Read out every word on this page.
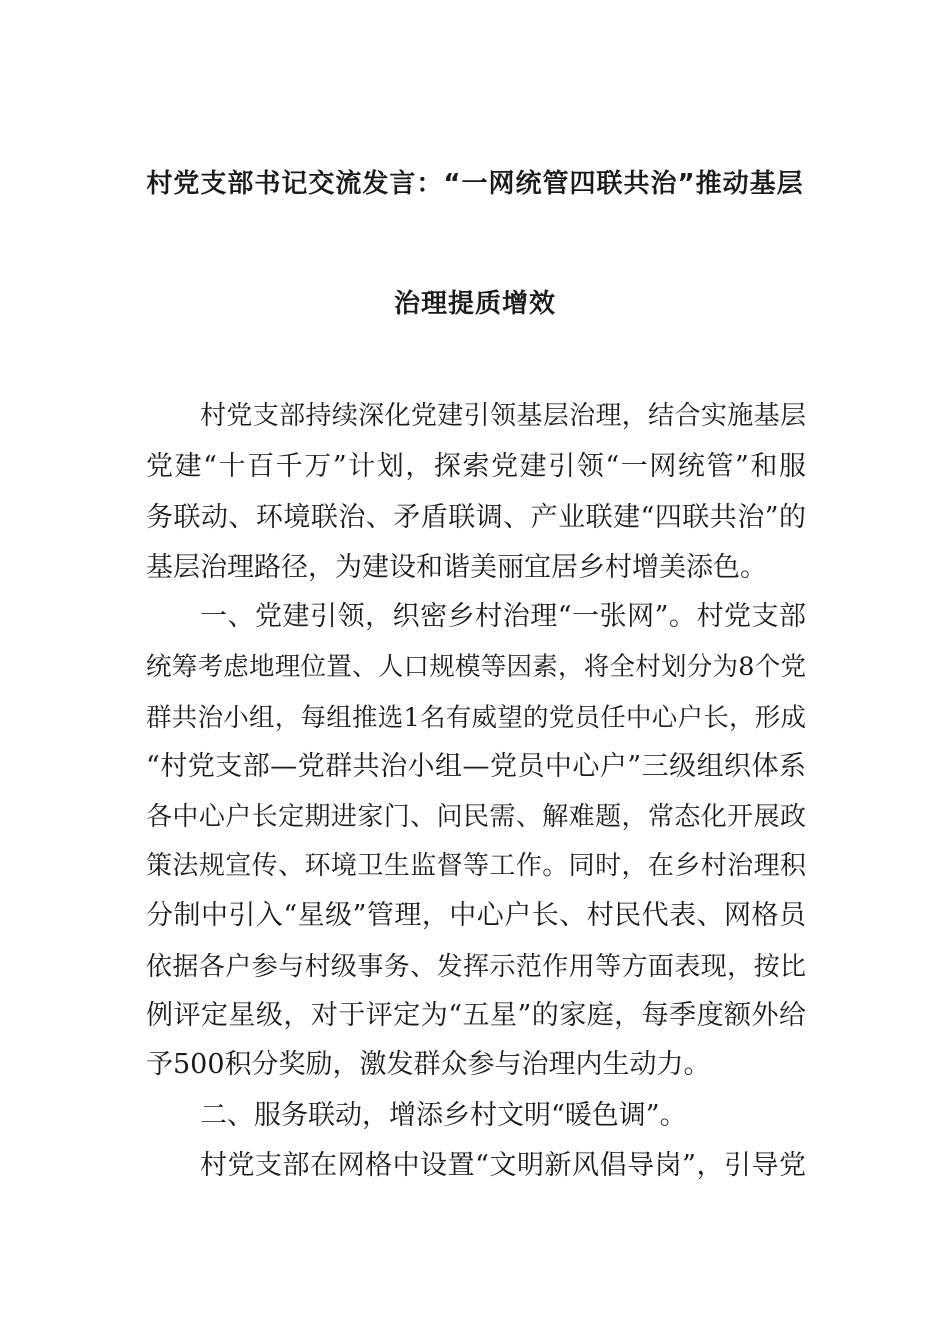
村党支部书记交流发言：“一网统管四联共治”推动基层
治理提质增效
村党支部持续深化党建引领基层治理，结合实施基层
党建“十百千万”计划，探索党建引领“一网统管”和服
务联动、环境联治、矛盾联调、产业联建“四联共治”的
基层治理路径，为建设和谐美丽宜居乡村增美添色。
一、党建引领，织密乡村治理“一张网”。村党支部
统筹考虑地理位置、人口规模等因素，将全村划分为8个党
群共治小组，每组推选1名有威望的党员任中心户长，形成
“村党支部—党群共治小组—党员中心户”三级组织体系
各中心户长定期进家门、问民需、解难题，常态化开展政
策法规宣传、环境卫生监督等工作。同时，在乡村治理积
分制中引入“星级”管理，中心户长、村民代表、网格员
依据各户参与村级事务、发挥示范作用等方面表现，按比
例评定星级，对于评定为“五星”的家庭，每季度额外给
予500积分奖励，激发群众参与治理内生动力。
二、服务联动，增添乡村文明“暖色调”。
村党支部在网格中设置“文明新风倡导岗”，引导党
